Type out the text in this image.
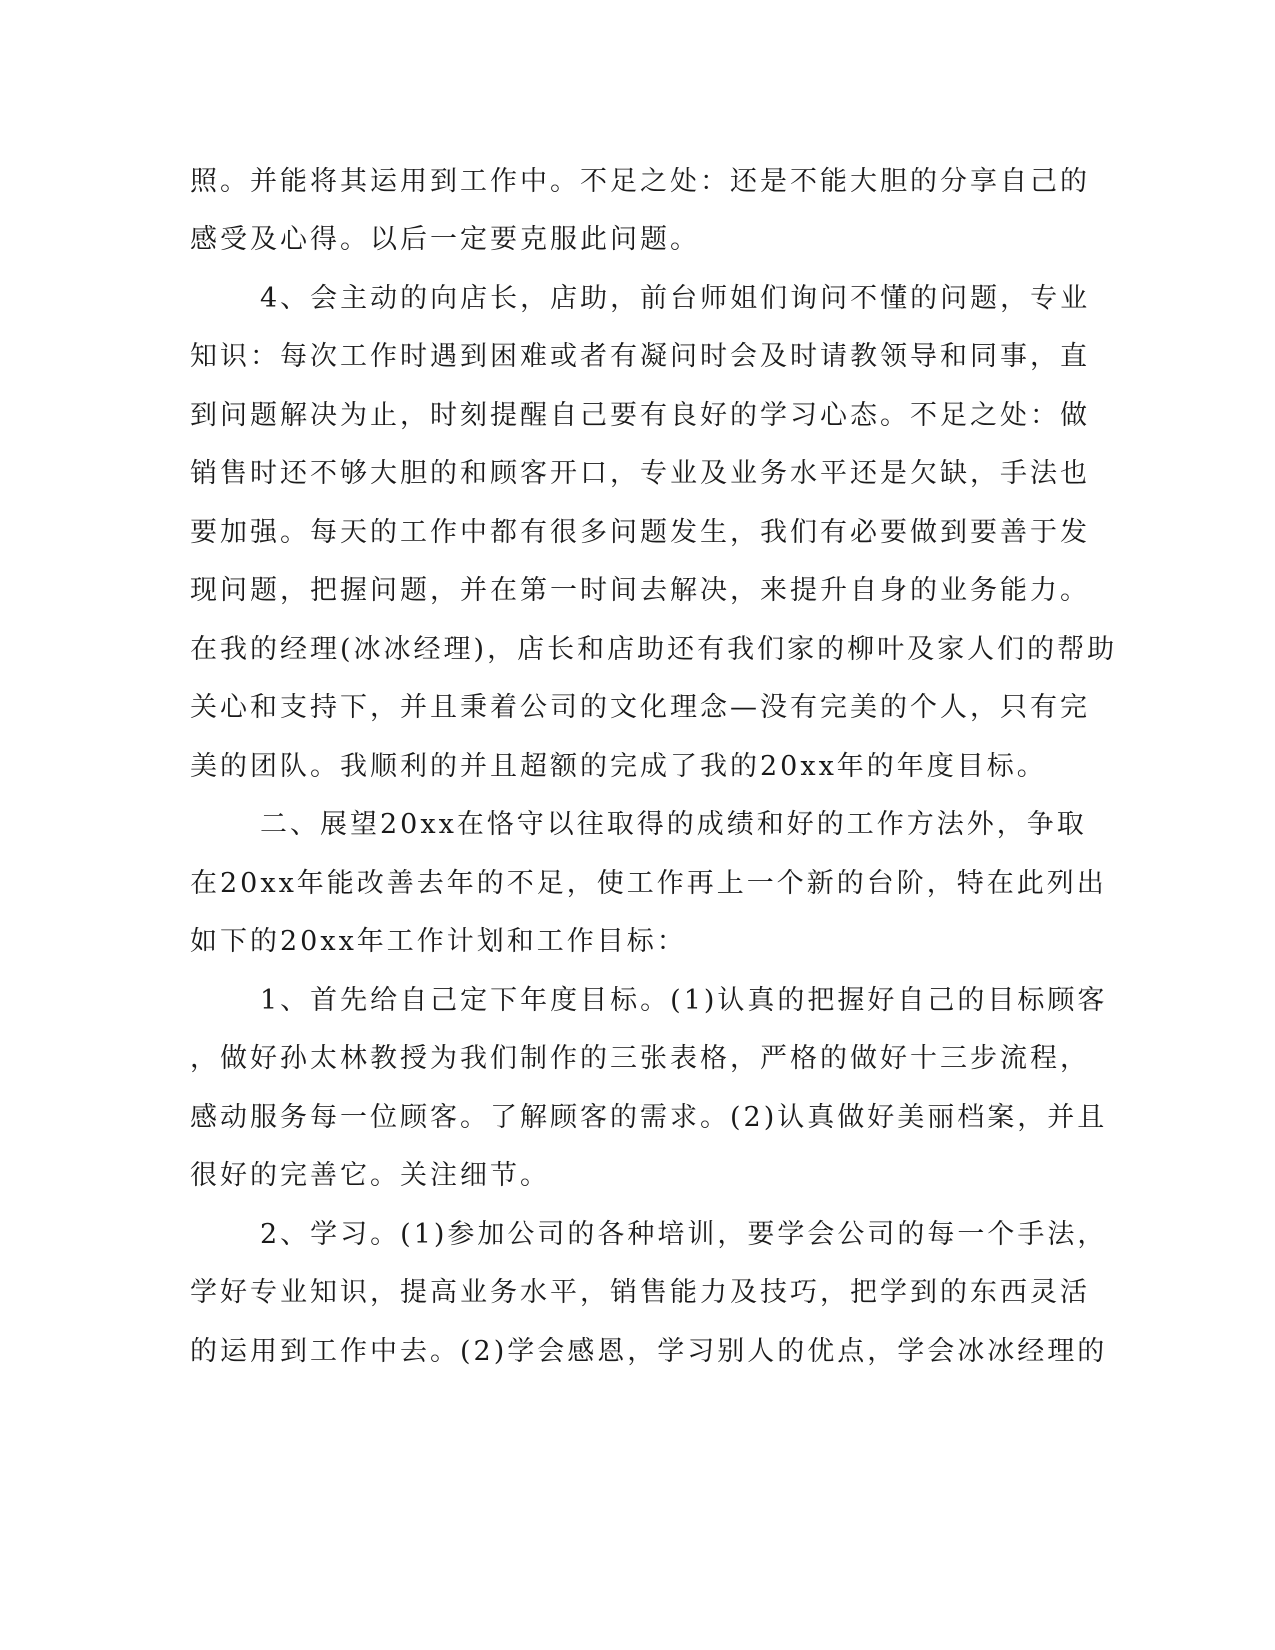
照。并能将其运用到工作中。不足之处：还是不能大胆的分享自己的
感受及心得。以后一定要克服此问题。
4、会主动的向店长，店助，前台师姐们询问不懂的问题，专业
知识：每次工作时遇到困难或者有凝问时会及时请教领导和同事，直
到问题解决为止，时刻提醒自己要有良好的学习心态。不足之处：做
销售时还不够大胆的和顾客开口，专业及业务水平还是欠缺，手法也
要加强。每天的工作中都有很多问题发生，我们有必要做到要善于发
现问题，把握问题，并在第一时间去解决，来提升自身的业务能力。
在我的经理(冰冰经理)，店长和店助还有我们家的柳叶及家人们的帮助
关心和支持下，并且秉着公司的文化理念—没有完美的个人，只有完
美的团队。我顺利的并且超额的完成了我的20xx年的年度目标。
二、展望20xx在恪守以往取得的成绩和好的工作方法外，争取
在20xx年能改善去年的不足，使工作再上一个新的台阶，特在此列出
如下的20xx年工作计划和工作目标：
1、首先给自己定下年度目标。(1)认真的把握好自己的目标顾客
，做好孙太林教授为我们制作的三张表格，严格的做好十三步流程，
感动服务每一位顾客。了解顾客的需求。(2)认真做好美丽档案，并且
很好的完善它。关注细节。
2、学习。(1)参加公司的各种培训，要学会公司的每一个手法，
学好专业知识，提高业务水平，销售能力及技巧，把学到的东西灵活
的运用到工作中去。(2)学会感恩，学习别人的优点，学会冰冰经理的
